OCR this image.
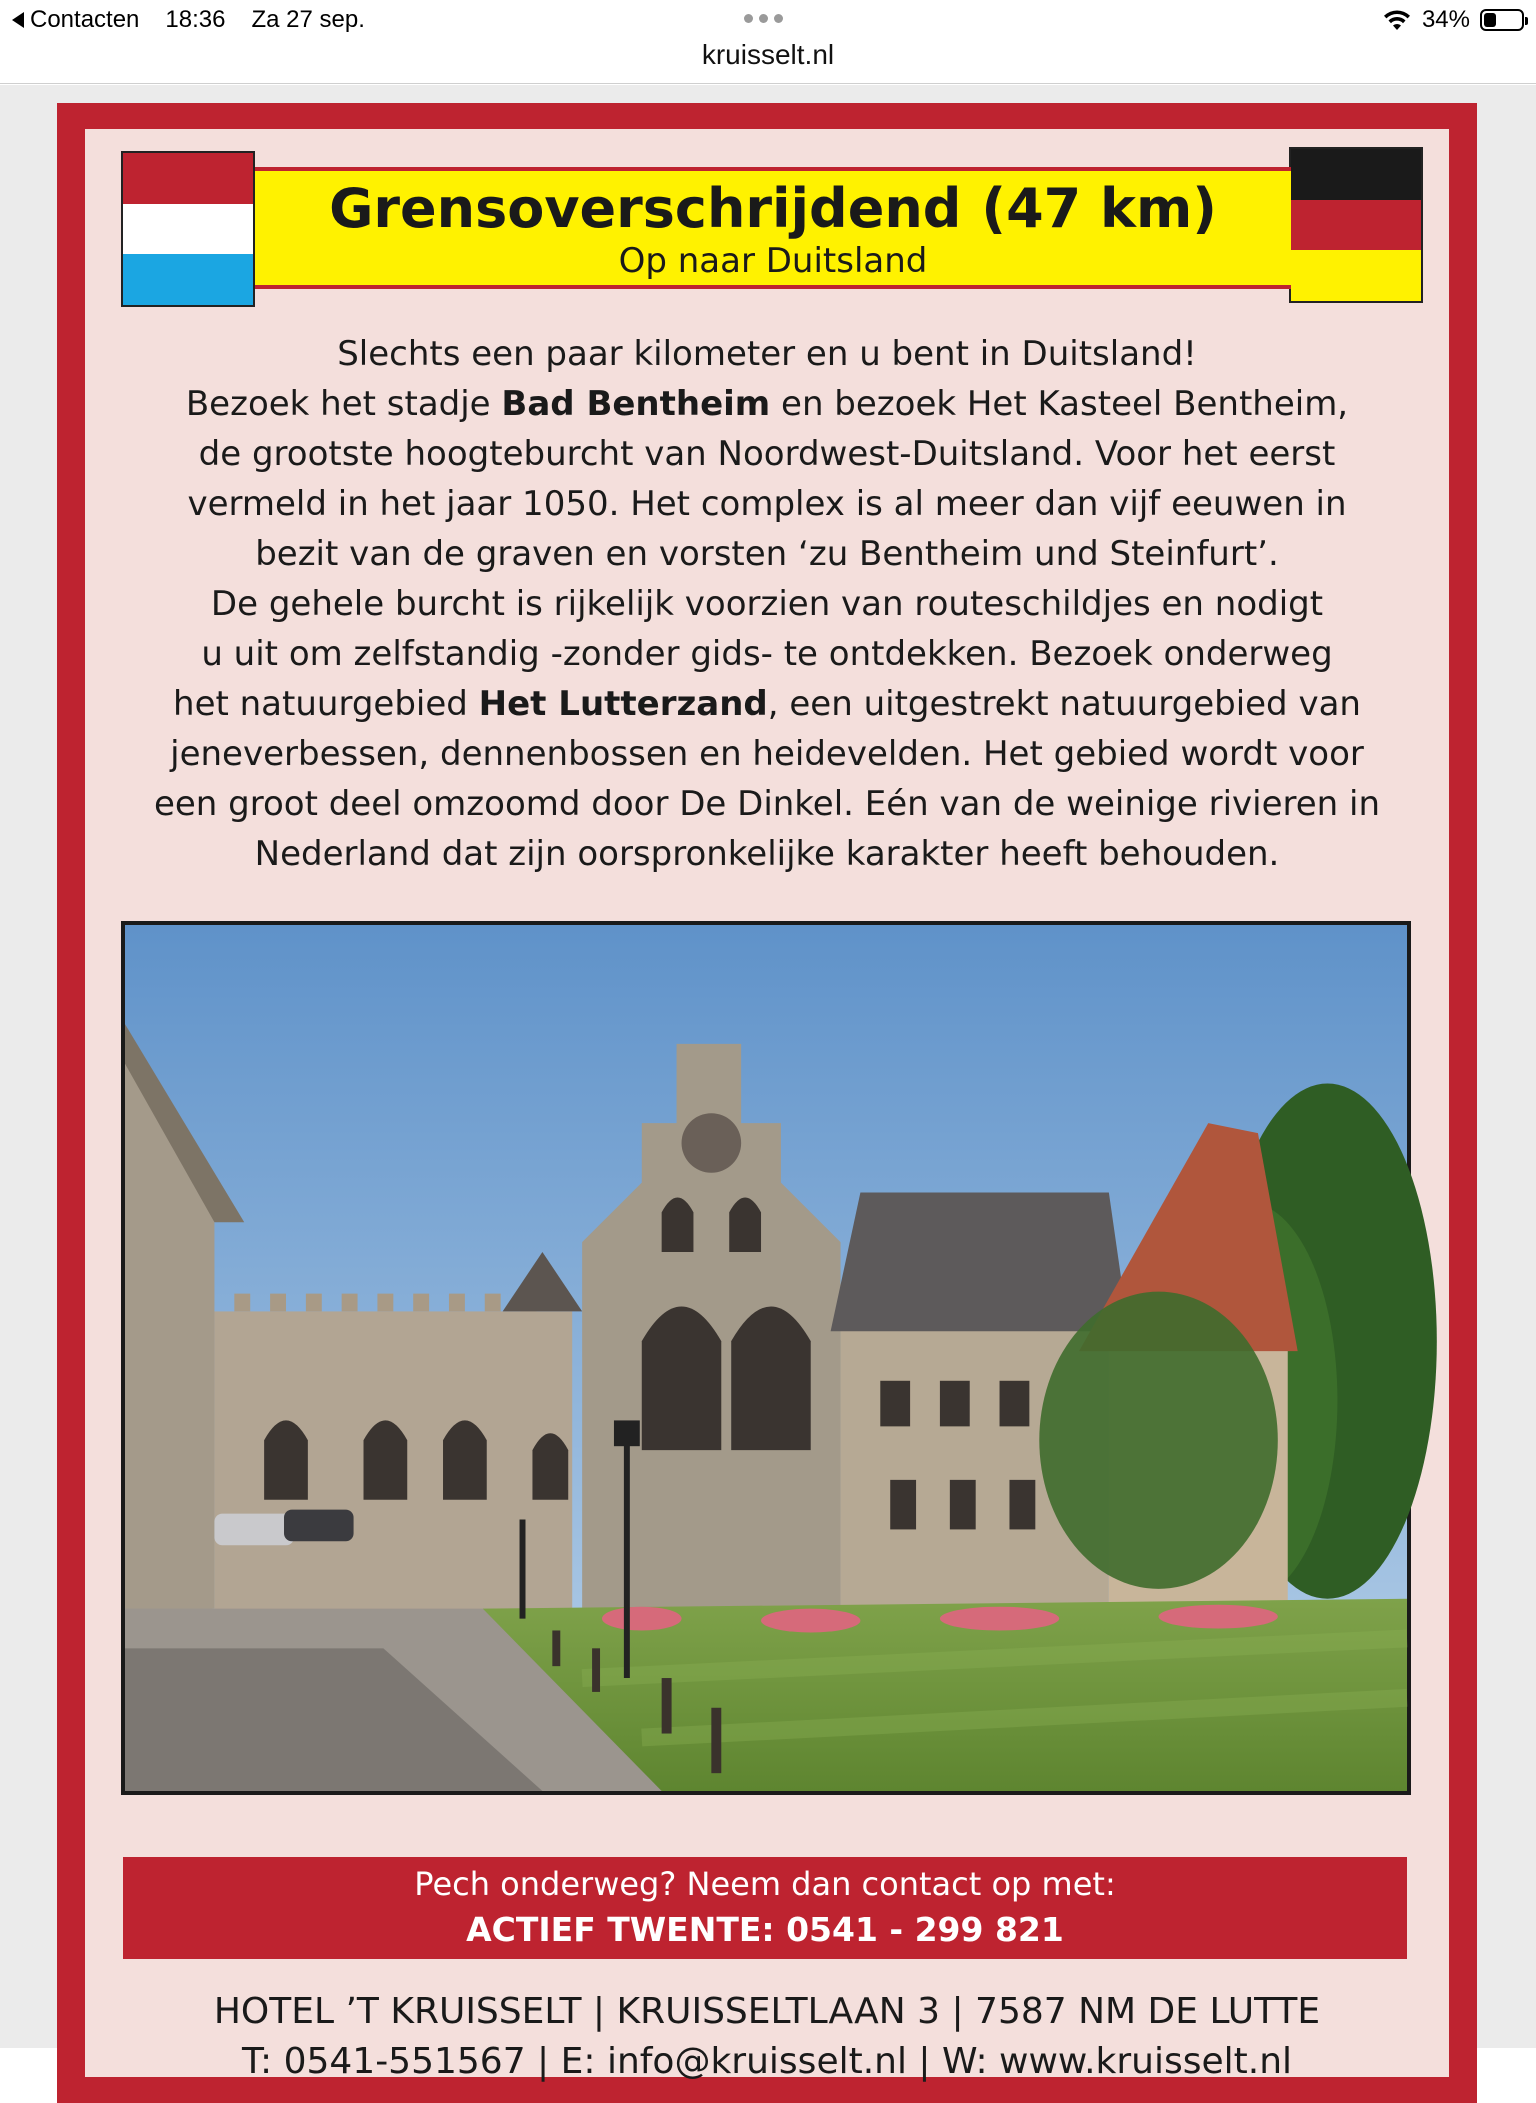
Contacten 18:36 Za 27 sep.	34%
kruisselt.nl
Grensoverschrijdend (47 km)
Op naar Duitsland
Slechts een paar kilometer en u bent in Duitsland!
Bezoek het stadje Bad Bentheim en bezoek Het Kasteel Bentheim,
de grootste hoogteburcht van Noordwest-Duitsland. Voor het eerst
vermeld in het jaar 1050. Het complex is al meer dan vijf eeuwen in
bezit van de graven en vorsten ‘zu Bentheim und Steinfurt’.
De gehele burcht is rijkelijk voorzien van routeschildjes en nodigt
u uit om zelfstandig -zonder gids- te ontdekken. Bezoek onderweg
het natuurgebied Het Lutterzand, een uitgestrekt natuurgebied van
jeneverbessen, dennenbossen en heidevelden. Het gebied wordt voor
een groot deel omzoomd door De Dinkel. Eén van de weinige rivieren in
Nederland dat zijn oorspronkelijke karakter heeft behouden.
Pech onderweg? Neem dan contact op met:
ACTIEF TWENTE: 0541 - 299 821
HOTEL ’T KRUISSELT | KRUISSELTLAAN 3 | 7587 NM DE LUTTE
T: 0541-551567 | E: info@kruisselt.nl | W: www.kruisselt.nl
